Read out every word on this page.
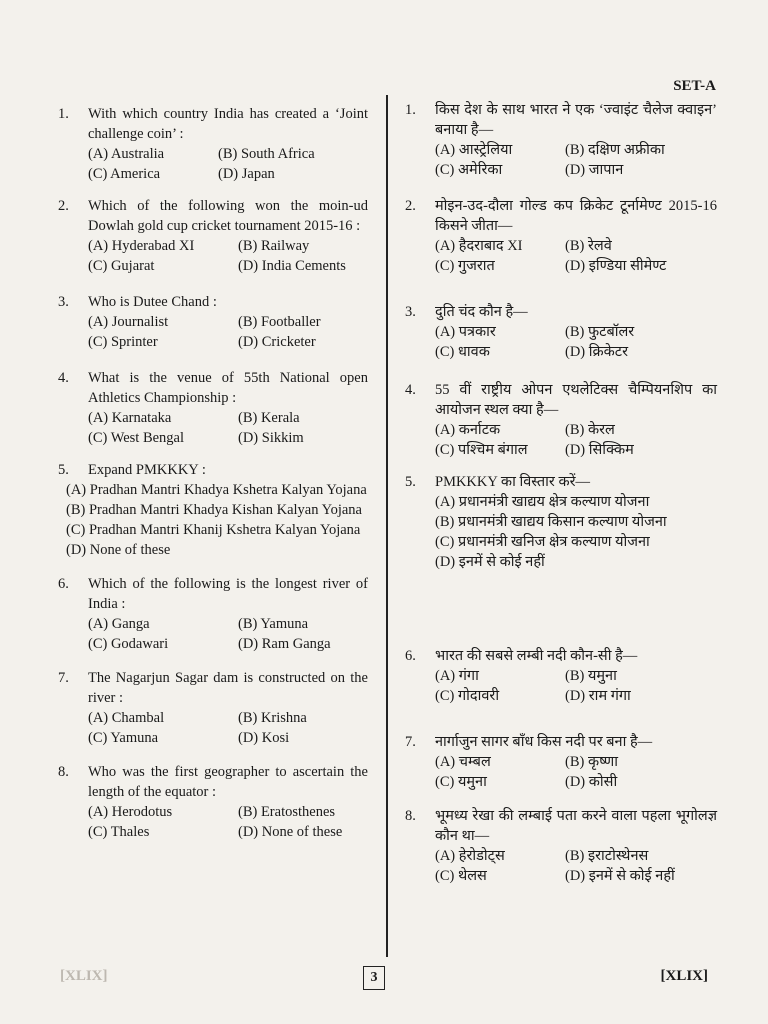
SET-A
1. With which country India has created a ‘Joint challenge coin’ :
(A) Australia	(B) South Africa
(C) America	(D) Japan
2. Which of the following won the moin-ud Dowlah gold cup cricket tournament 2015-16 :
(A) Hyderabad XI	(B) Railway
(C) Gujarat	(D) India Cements
3. Who is Dutee Chand :
(A) Journalist	(B) Footballer
(C) Sprinter	(D) Cricketer
4. What is the venue of 55th National open Athletics Championship :
(A) Karnataka	(B) Kerala
(C) West Bengal	(D) Sikkim
5. Expand PMKKKY :
(A) Pradhan Mantri Khadya Kshetra Kalyan Yojana
(B) Pradhan Mantri Khadya Kishan Kalyan Yojana
(C) Pradhan Mantri Khanij Kshetra Kalyan Yojana
(D) None of these
6. Which of the following is the longest river of India :
(A) Ganga	(B) Yamuna
(C) Godawari	(D) Ram Ganga
7. The Nagarjun Sagar dam is constructed on the river :
(A) Chambal	(B) Krishna
(C) Yamuna	(D) Kosi
8. Who was the first geographer to ascertain the length of the equator :
(A) Herodotus	(B) Eratosthenes
(C) Thales	(D) None of these
1. किस देश के साथ भारत ने एक ‘ज्वाइंट चैलेज क्वाइन’ बनाया है—
(A) आस्ट्रेलिया	(B) दक्षिण अफ्रीका
(C) अमेरिका	(D) जापान
2. मोइन-उद-दौला गोल्ड कप क्रिकेट टूर्नामेण्ट 2015-16 किसने जीता—
(A) हैदराबाद XI	(B) रेलवे
(C) गुजरात	(D) इण्डिया सीमेण्ट
3. दुति चंद कौन है—
(A) पत्रकार	(B) फुटबॉलर
(C) धावक	(D) क्रिकेटर
4. 55 वीं राष्ट्रीय ओपन एथलेटिक्स चैम्पियनशिप का आयोजन स्थल क्या है—
(A) कर्नाटक	(B) केरल
(C) पश्चिम बंगाल	(D) सिक्किम
5. PMKKKY का विस्तार करें—
(A) प्रधानमंत्री खाद्यय क्षेत्र कल्याण योजना
(B) प्रधानमंत्री खाद्यय किसान कल्याण योजना
(C) प्रधानमंत्री खनिज क्षेत्र कल्याण योजना
(D) इनमें से कोई नहीं
6. भारत की सबसे लम्बी नदी कौन-सी है—
(A) गंगा	(B) यमुना
(C) गोदावरी	(D) राम गंगा
7. नार्गाजुन सागर बाँध किस नदी पर बना है—
(A) चम्बल	(B) कृष्णा
(C) यमुना	(D) कोसी
8. भूमध्य रेखा की लम्बाई पता करने वाला पहला भूगोलज्ञ कौन था—
(A) हेरोडोट्स	(B) इराटोस्थेनस
(C) थेलस	(D) इनमें से कोई नहीं
[XLIX]	3	[XLIX]
